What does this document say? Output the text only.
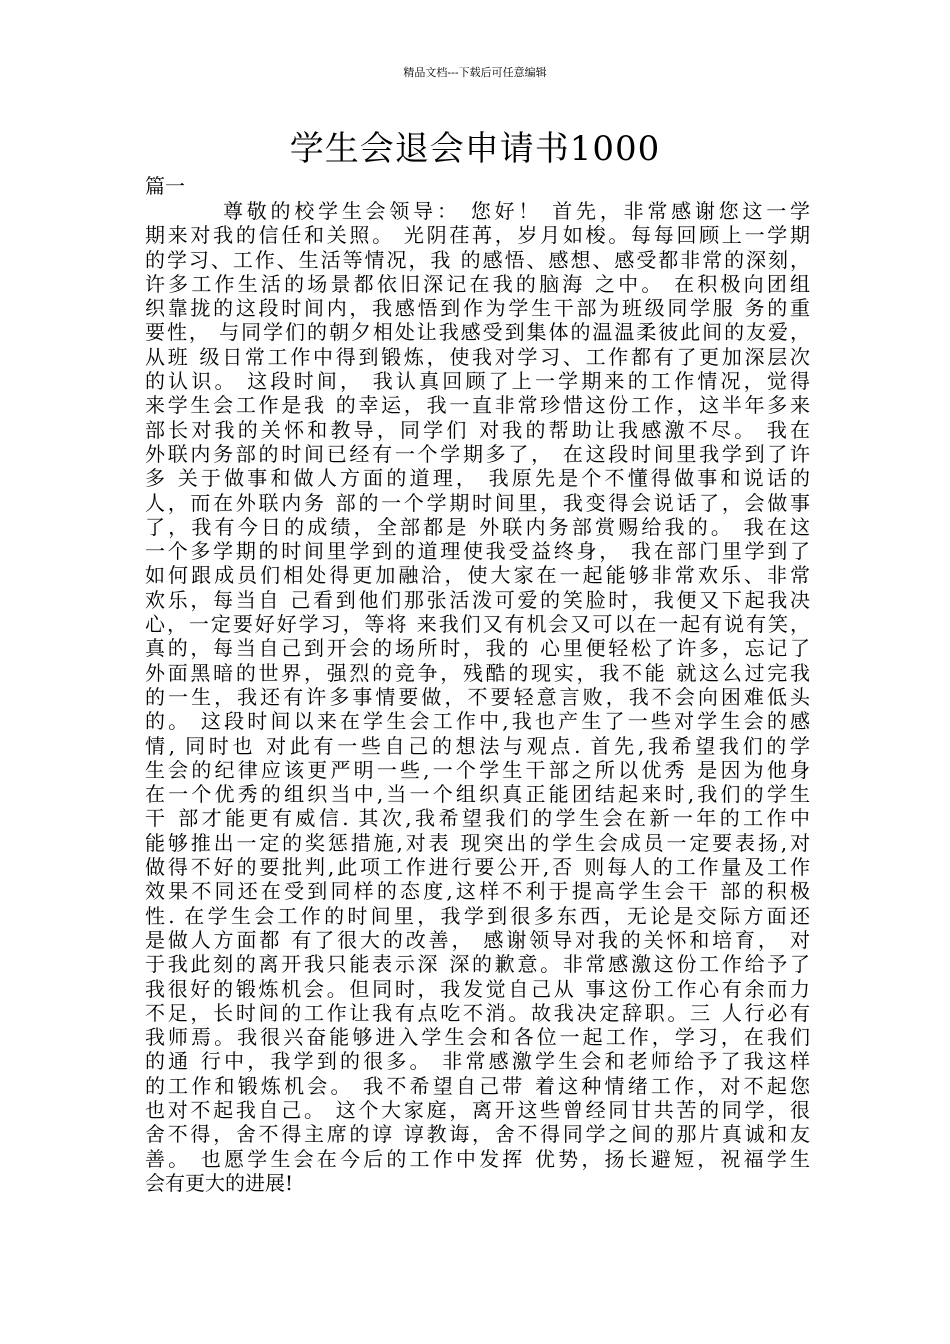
精品文档---下载后可任意编辑
学生会退会申请书1000
篇一
尊敬的校学生会领导： 您好！ 首先，非常感谢您这一学
期来对我的信任和关照。 光阴荏苒，岁月如梭。每每回顾上一学期
的学习、工作、生活等情况，我 的感悟、感想、感受都非常的深刻，
许多工作生活的场景都依旧深记在我的脑海 之中。 在积极向团组
织靠拢的这段时间内，我感悟到作为学生干部为班级同学服 务的重
要性， 与同学们的朝夕相处让我感受到集体的温温柔彼此间的友爱，
从班 级日常工作中得到锻炼，使我对学习、工作都有了更加深层次
的认识。 这段时间， 我认真回顾了上一学期来的工作情况，觉得
来学生会工作是我 的幸运，我一直非常珍惜这份工作，这半年多来
部长对我的关怀和教导，同学们 对我的帮助让我感激不尽。 我在
外联内务部的时间已经有一个学期多了， 在这段时间里我学到了许
多 关于做事和做人方面的道理， 我原先是个不懂得做事和说话的
人，而在外联内务 部的一个学期时间里，我变得会说话了，会做事
了，我有今日的成绩，全部都是 外联内务部赏赐给我的。 我在这
一个多学期的时间里学到的道理使我受益终身， 我在部门里学到了
如何跟成员们相处得更加融洽，使大家在一起能够非常欢乐、非常
欢乐，每当自 己看到他们那张活泼可爱的笑脸时，我便又下起我决
心，一定要好好学习，等将 来我们又有机会又可以在一起有说有笑，
真的，每当自己到开会的场所时，我的 心里便轻松了许多，忘记了
外面黑暗的世界，强烈的竞争，残酷的现实，我不能 就这么过完我
的一生，我还有许多事情要做，不要轻意言败，我不会向困难低头
的。 这段时间以来在学生会工作中,我也产生了一些对学生会的感
情, 同时也 对此有一些自己的想法与观点. 首先,我希望我们的学
生会的纪律应该更严明一些,一个学生干部之所以优秀 是因为他身
在一个优秀的组织当中,当一个组织真正能团结起来时,我们的学生
干 部才能更有威信. 其次,我希望我们的学生会在新一年的工作中
能够推出一定的奖惩措施,对表 现突出的学生会成员一定要表扬,对
做得不好的要批判,此项工作进行要公开,否 则每人的工作量及工作
效果不同还在受到同样的态度,这样不利于提高学生会干 部的积极
性. 在学生会工作的时间里，我学到很多东西，无论是交际方面还
是做人方面都 有了很大的改善， 感谢领导对我的关怀和培育， 对
于我此刻的离开我只能表示深 深的歉意。非常感激这份工作给予了
我很好的锻炼机会。但同时，我发觉自己从 事这份工作心有余而力
不足，长时间的工作让我有点吃不消。故我决定辞职。三 人行必有
我师焉。我很兴奋能够进入学生会和各位一起工作，学习，在我们
的通 行中，我学到的很多。 非常感激学生会和老师给予了我这样
的工作和锻炼机会。 我不希望自己带 着这种情绪工作，对不起您
也对不起我自己。 这个大家庭，离开这些曾经同甘共苦的同学，很
舍不得，舍不得主席的谆 谆教诲，舍不得同学之间的那片真诚和友
善。 也愿学生会在今后的工作中发挥 优势，扬长避短，祝福学生
会有更大的进展!
